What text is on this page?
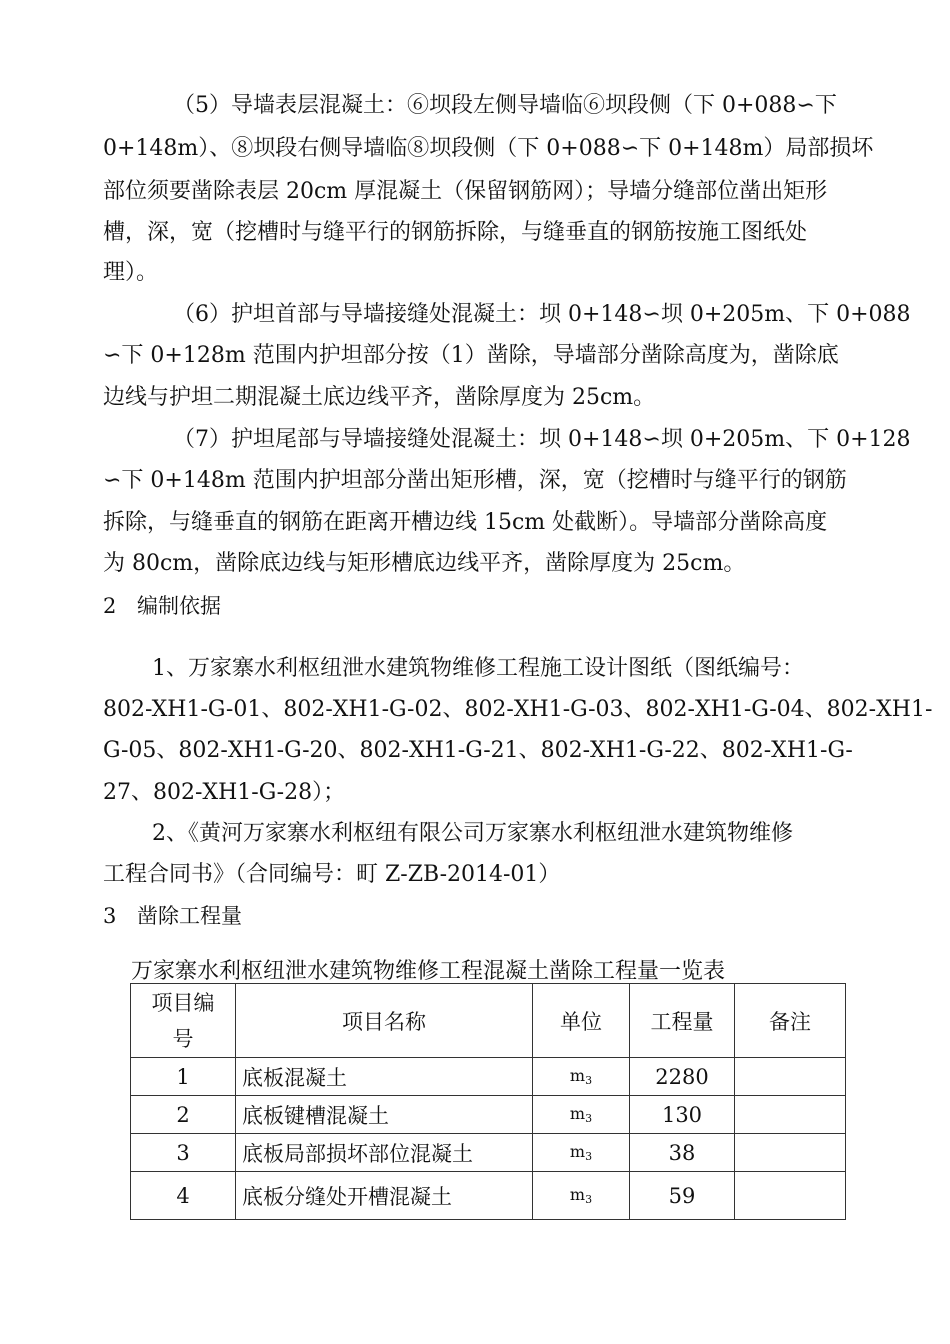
（5）导墙表层混凝土：⑥坝段左侧导墙临⑥坝段侧（下 0+088∽下
0+148m）、⑧坝段右侧导墙临⑧坝段侧（下 0+088∽下 0+148m）局部损坏
部位须要凿除表层 20cm 厚混凝土（保留钢筋网）；导墙分缝部位凿出矩形
槽，深，宽（挖槽时与缝平行的钢筋拆除，与缝垂直的钢筋按施工图纸处
理）。
（6）护坦首部与导墙接缝处混凝土：坝 0+148∽坝 0+205m、下 0+088
∽下 0+128m 范围内护坦部分按（1）凿除，导墙部分凿除高度为，凿除底
边线与护坦二期混凝土底边线平齐，凿除厚度为 25cm。
（7）护坦尾部与导墙接缝处混凝土：坝 0+148∽坝 0+205m、下 0+128
∽下 0+148m 范围内护坦部分凿出矩形槽，深，宽（挖槽时与缝平行的钢筋
拆除，与缝垂直的钢筋在距离开槽边线 15cm 处截断）。导墙部分凿除高度
为 80cm，凿除底边线与矩形槽底边线平齐，凿除厚度为 25cm。
2 编制依据
1、万家寨水利枢纽泄水建筑物维修工程施工设计图纸（图纸编号：
802-XH1-G-01、802-XH1-G-02、802-XH1-G-03、802-XH1-G-04、802-XH1-
G-05、802-XH1-G-20、802-XH1-G-21、802-XH1-G-22、802-XH1-G-
27、802-XH1-G-28）；
2、《黄河万家寨水利枢纽有限公司万家寨水利枢纽泄水建筑物维修
工程合同书》（合同编号：町 Z-ZB-2014-01）
3 凿除工程量
万家寨水利枢纽泄水建筑物维修工程混凝土凿除工程量一览表
项目编
号	项目名称	单位	工程量	备注
1	底板混凝土	m3	2280	
2	底板键槽混凝土	m3	130	
3	底板局部损坏部位混凝土	m3	38	
4	底板分缝处开槽混凝土	m3	59	
